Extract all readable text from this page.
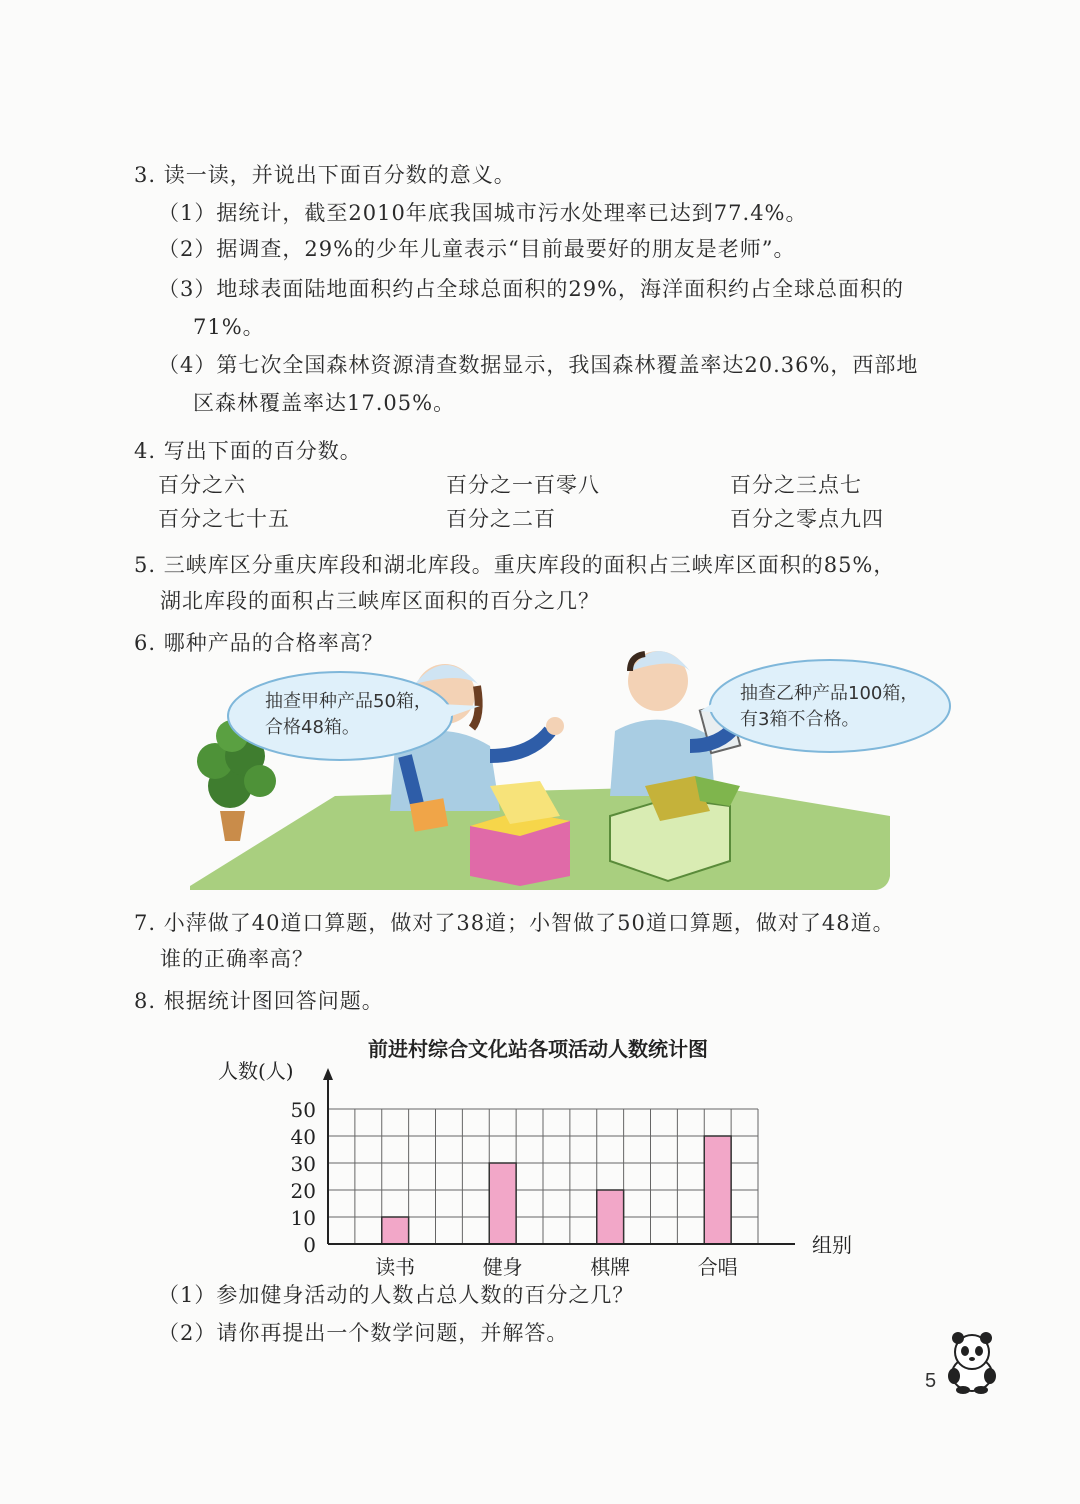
3. 读一读，并说出下面百分数的意义。
（1）据统计，截至2010年底我国城市污水处理率已达到77.4%。
（2）据调查，29%的少年儿童表示“目前最要好的朋友是老师”。
（3）地球表面陆地面积约占全球总面积的29%，海洋面积约占全球总面积的
71%。
（4）第七次全国森林资源清查数据显示，我国森林覆盖率达20.36%，西部地
区森林覆盖率达17.05%。
4. 写出下面的百分数。
百分之六	百分之一百零八	百分之三点七
百分之七十五	百分之二百	百分之零点九四
5. 三峡库区分重庆库段和湖北库段。重庆库段的面积占三峡库区面积的85%，
湖北库段的面积占三峡库区面积的百分之几？
6. 哪种产品的合格率高？
抽查甲种产品50箱，
合格48箱。
抽查乙种产品100箱，
有3箱不合格。
7. 小萍做了40道口算题，做对了38道；小智做了50道口算题，做对了48道。
谁的正确率高？
8. 根据统计图回答问题。
前进村综合文化站各项活动人数统计图
人数(人)
组别
0
10
20
30
40
50
读书	健身	棋牌	合唱
（1）参加健身活动的人数占总人数的百分之几？
（2）请你再提出一个数学问题，并解答。
5
